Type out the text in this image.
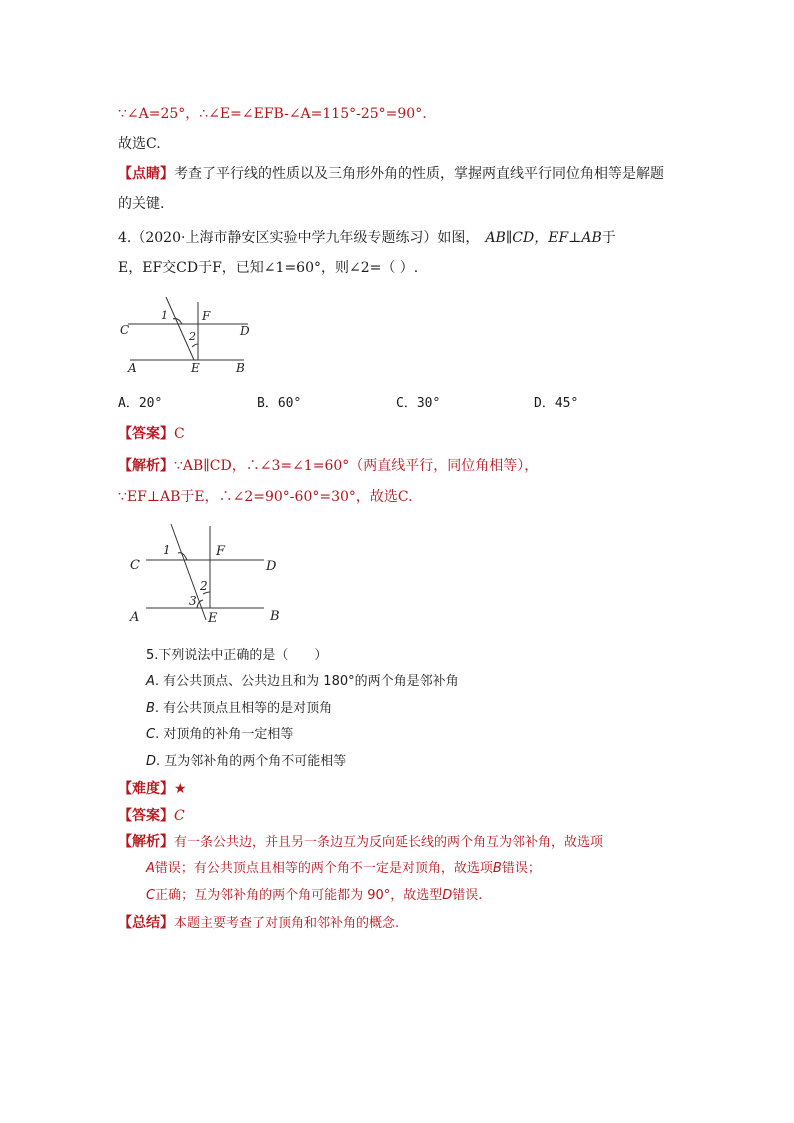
∵∠A=25°，∴∠E=∠EFB-∠A=115°-25°=90°.
故选C.
【点睛】考查了平行线的性质以及三角形外角的性质，掌握两直线平行同位角相等是解题
的关键.
4.（2020·上海市静安区实验中学九年级专题练习）如图， AB∥CD，EF⊥AB于
E，EF交CD于F，已知∠1=60°，则∠2=（ ）.
C	D
A	B
E
F
1
2
A．20°	B．60°	C．30°	D．45°
【答案】C
【解析】∵AB∥CD，∴∠3=∠1=60°（两直线平行，同位角相等），
∵EF⊥AB于E，∴∠2=90°-60°=30°，故选C.
C	D
A	B
E
F
1
2
3
5.下列说法中正确的是（　　）
A. 有公共顶点、公共边且和为 180°的两个角是邻补角
B. 有公共顶点且相等的是对顶角
C. 对顶角的补角一定相等
D. 互为邻补角的两个角不可能相等
【难度】★
【答案】C
【解析】有一条公共边，并且另一条边互为反向延长线的两个角互为邻补角，故选项
A错误；有公共顶点且相等的两个角不一定是对顶角，故选项B错误；
C正确；互为邻补角的两个角可能都为 90°，故选型D错误.
【总结】本题主要考查了对顶角和邻补角的概念.
